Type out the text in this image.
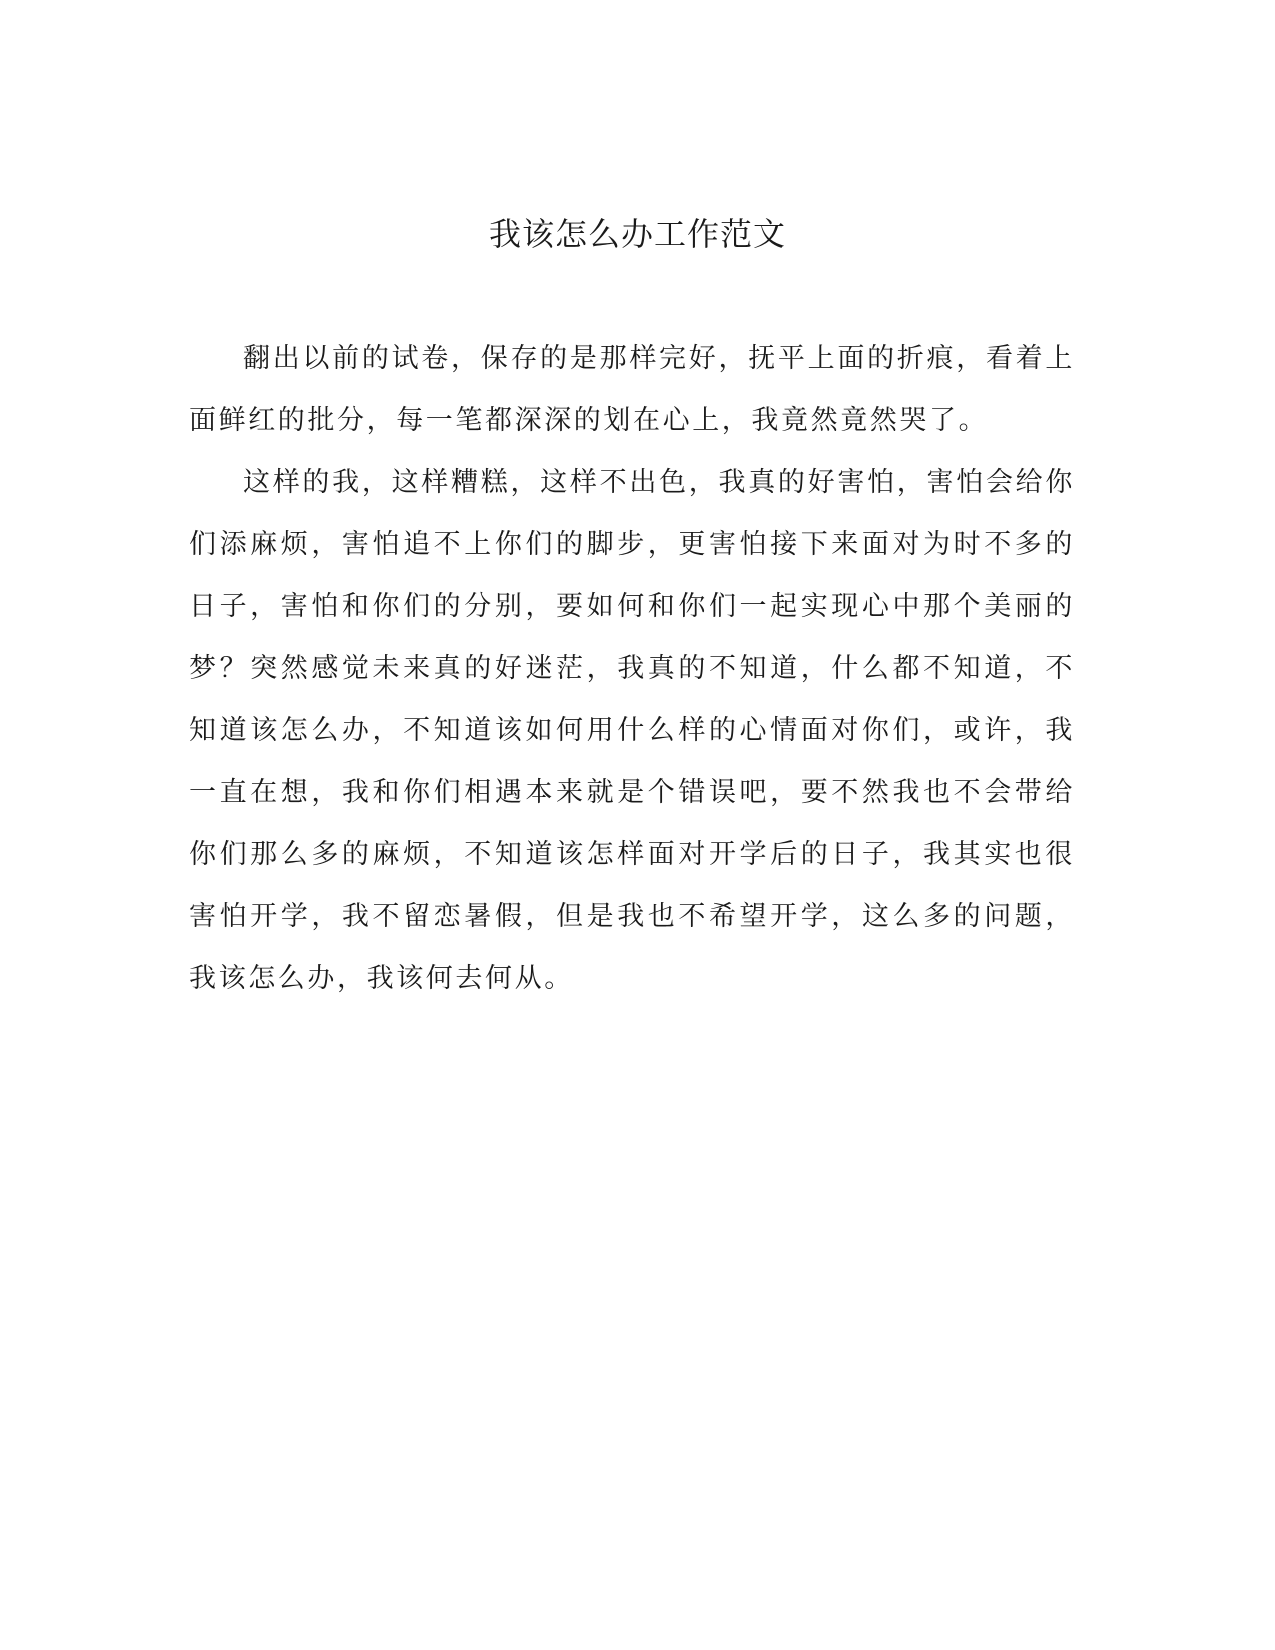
我该怎么办工作范文

翻出以前的试卷，保存的是那样完好，抚平上面的折痕，看着上面鲜红的批分，每一笔都深深的划在心上，我竟然竟然哭了。

这样的我，这样糟糕，这样不出色，我真的好害怕，害怕会给你们添麻烦，害怕追不上你们的脚步，更害怕接下来面对为时不多的日子，害怕和你们的分别，要如何和你们一起实现心中那个美丽的梦？突然感觉未来真的好迷茫，我真的不知道，什么都不知道，不知道该怎么办，不知道该如何用什么样的心情面对你们，或许，我一直在想，我和你们相遇本来就是个错误吧，要不然我也不会带给你们那么多的麻烦，不知道该怎样面对开学后的日子，我其实也很害怕开学，我不留恋暑假，但是我也不希望开学，这么多的问题，我该怎么办，我该何去何从。
